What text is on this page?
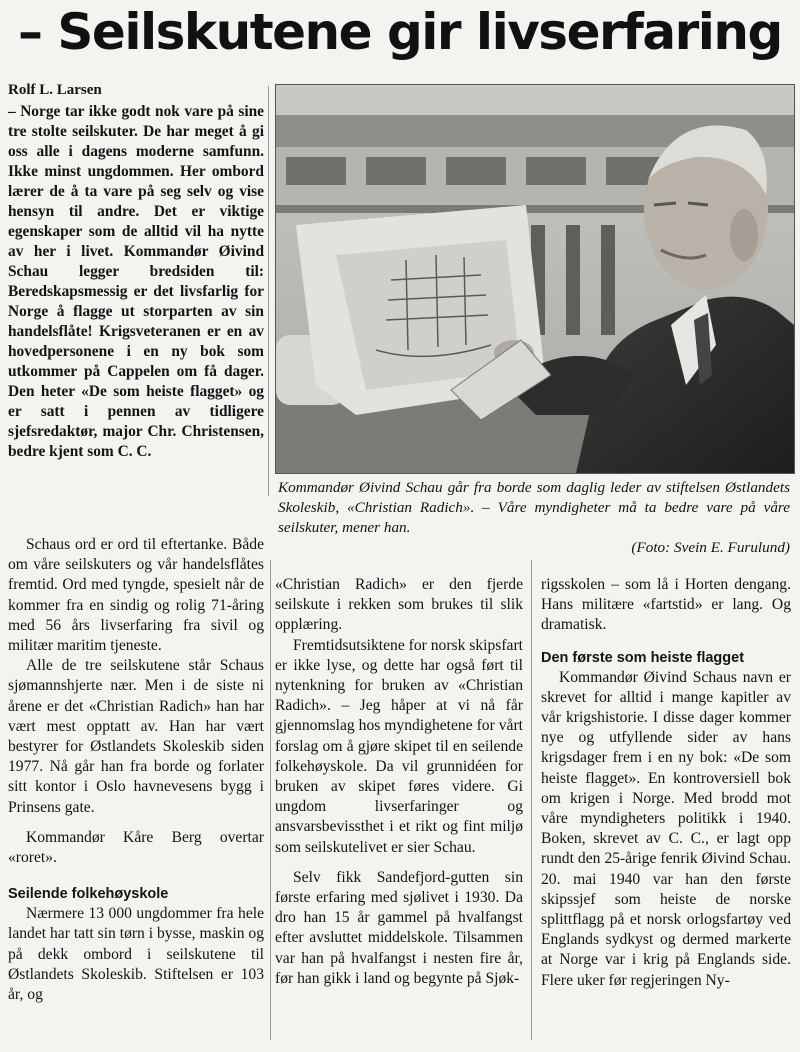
– Seilskutene gir livserfaring

Rolf L. Larsen

– Norge tar ikke godt nok vare på sine tre stolte seilskuter. De har meget å gi oss alle i dagens moderne samfunn. Ikke minst ungdommen. Her ombord lærer de å ta vare på seg selv og vise hensyn til andre. Det er viktige egenskaper som de alltid vil ha nytte av her i livet. Kommandør Øivind Schau legger bredsiden til: Beredskapsmessig er det livsfarlig for Norge å flagge ut storparten av sin handelsflåte! Krigsveteranen er en av hovedpersonene i en ny bok som utkommer på Cappelen om få dager. Den heter «De som heiste flagget» og er satt i pennen av tidligere sjefsredaktør, major Chr. Christensen, bedre kjent som C. C.

Kommandør Øivind Schau går fra borde som daglig leder av stiftelsen Østlandets Skoleskib, «Christian Radich». – Våre myndigheter må ta bedre vare på våre seilskuter, mener han.

(Foto: Svein E. Furulund)

Schaus ord er ord til eftertanke. Både om våre seilskuters og vår handelsflåtes fremtid. Ord med tyngde, spesielt når de kommer fra en sindig og rolig 71-åring med 56 års livserfaring fra sivil og militær maritim tjeneste.

Alle de tre seilskutene står Schaus sjømannshjerte nær. Men i de siste ni årene er det «Christian Radich» han har vært mest opptatt av. Han har vært bestyrer for Østlandets Skoleskib siden 1977. Nå går han fra borde og forlater sitt kontor i Oslo havnevesens bygg i Prinsens gate.

Kommandør Kåre Berg overtar «roret».

Seilende folkehøyskole

Nærmere 13 000 ungdommer fra hele landet har tatt sin tørn i bysse, maskin og på dekk ombord i seilskutene til Østlandets Skoleskib. Stiftelsen er 103 år, og

«Christian Radich» er den fjerde seilskute i rekken som brukes til slik opplæring.

Fremtidsutsiktene for norsk skipsfart er ikke lyse, og dette har også ført til nytenkning for bruken av «Christian Radich». – Jeg håper at vi nå får gjennomslag hos myndighetene for vårt forslag om å gjøre skipet til en seilende folkehøyskole. Da vil grunnidéen for bruken av skipet føres videre. Gi ungdom livserfaringer og ansvarsbevissthet i et rikt og fint miljø som seilskutelivet er sier Schau.

Selv fikk Sandefjord-gutten sin første erfaring med sjølivet i 1930. Da dro han 15 år gammel på hvalfangst efter avsluttet middelskole. Tilsammen var han på hvalfangst i nesten fire år, før han gikk i land og begynte på Sjøk-

rigsskolen – som lå i Horten dengang. Hans militære «fartstid» er lang. Og dramatisk.

Den første som heiste flagget

Kommandør Øivind Schaus navn er skrevet for alltid i mange kapitler av vår krigshistorie. I disse dager kommer nye og utfyllende sider av hans krigsdager frem i en ny bok: «De som heiste flagget». En kontroversiell bok om krigen i Norge. Med brodd mot våre myndigheters politikk i 1940. Boken, skrevet av C. C., er lagt opp rundt den 25-årige fenrik Øivind Schau. 20. mai 1940 var han den første skipssjef som heiste de norske splittflagg på et norsk orlogsfartøy ved Englands sydkyst og dermed markerte at Norge var i krig på Englands side. Flere uker før regjeringen Ny-
